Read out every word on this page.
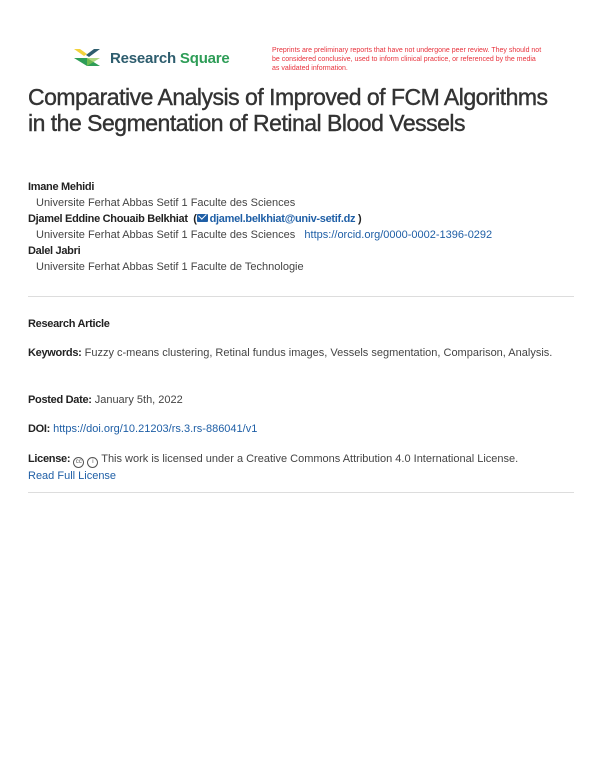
Research Square	Preprints are preliminary reports that have not undergone peer review. They should not be considered conclusive, used to inform clinical practice, or referenced by the media as validated information.
Comparative Analysis of Improved of FCM Algorithms in the Segmentation of Retinal Blood Vessels
Imane Mehidi
Universite Ferhat Abbas Setif 1 Faculte des Sciences
Djamel Eddine Chouaib Belkhiat  ( djamel.belkhiat@univ-setif.dz )
Universite Ferhat Abbas Setif 1 Faculte des Sciences https://orcid.org/0000-0002-1396-0292
Dalel Jabri
Universite Ferhat Abbas Setif 1 Faculte de Technologie
Research Article
Keywords: Fuzzy c-means clustering, Retinal fundus images, Vessels segmentation, Comparison, Analysis.
Posted Date: January 5th, 2022
DOI: https://doi.org/10.21203/rs.3.rs-886041/v1
License: cc i This work is licensed under a Creative Commons Attribution 4.0 International License.
Read Full License
